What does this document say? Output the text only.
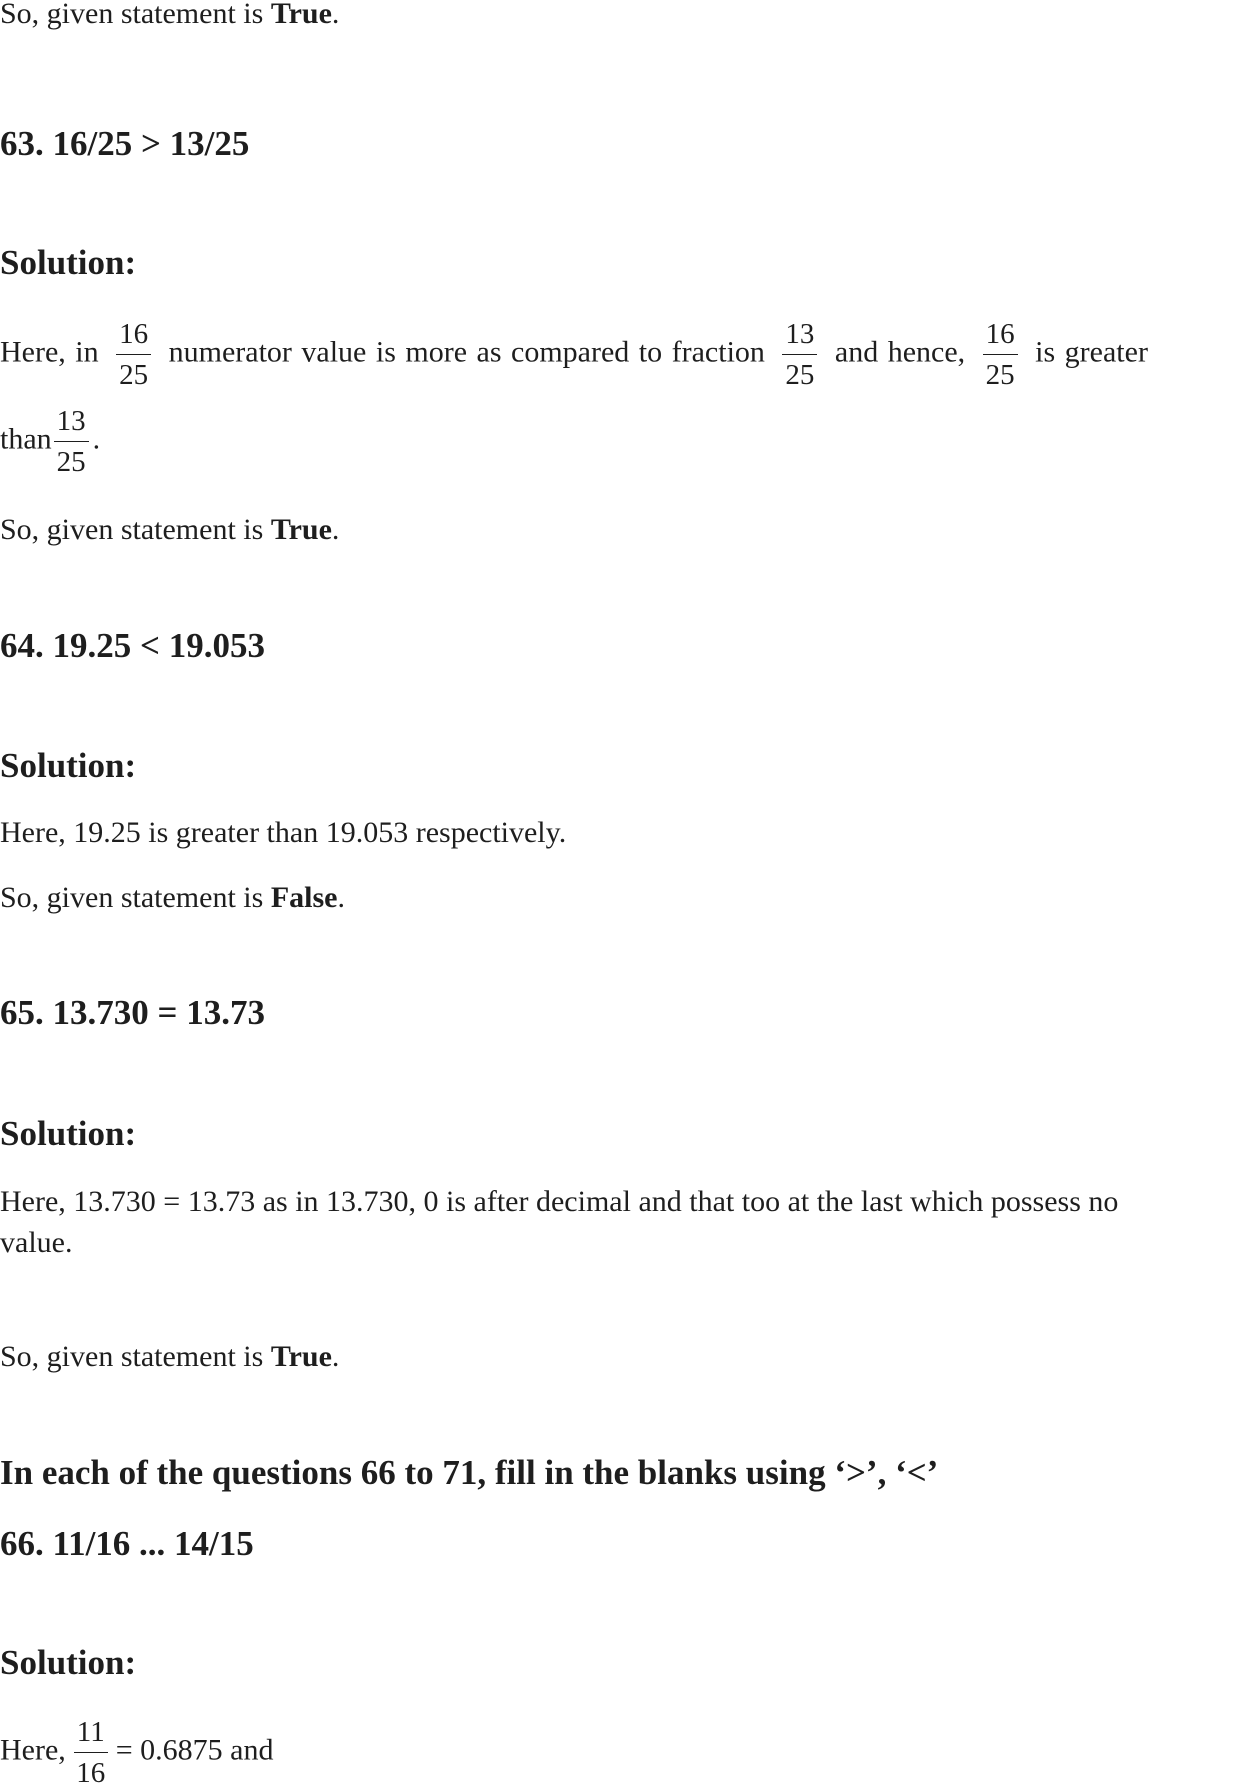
So, given statement is True.
63. 16/25 > 13/25
Solution:
Here, in $\frac{16}{25}$ numerator value is more as compared to fraction $\frac{13}{25}$ and hence, $\frac{16}{25}$ is greater
than $\frac{13}{25}$ .
So, given statement is True.
64. 19.25 < 19.053
Solution:
Here, 19.25 is greater than 19.053 respectively.
So, given statement is False.
65. 13.730 = 13.73
Solution:
Here, 13.730 = 13.73 as in 13.730, 0 is after decimal and that too at the last which possess no
value.
So, given statement is True.
In each of the questions 66 to 71, fill in the blanks using ‘>’, ‘<’
66. 11/16 ... 14/15
Solution:
Here, $\frac{11}{16} = 0.6875$ and
